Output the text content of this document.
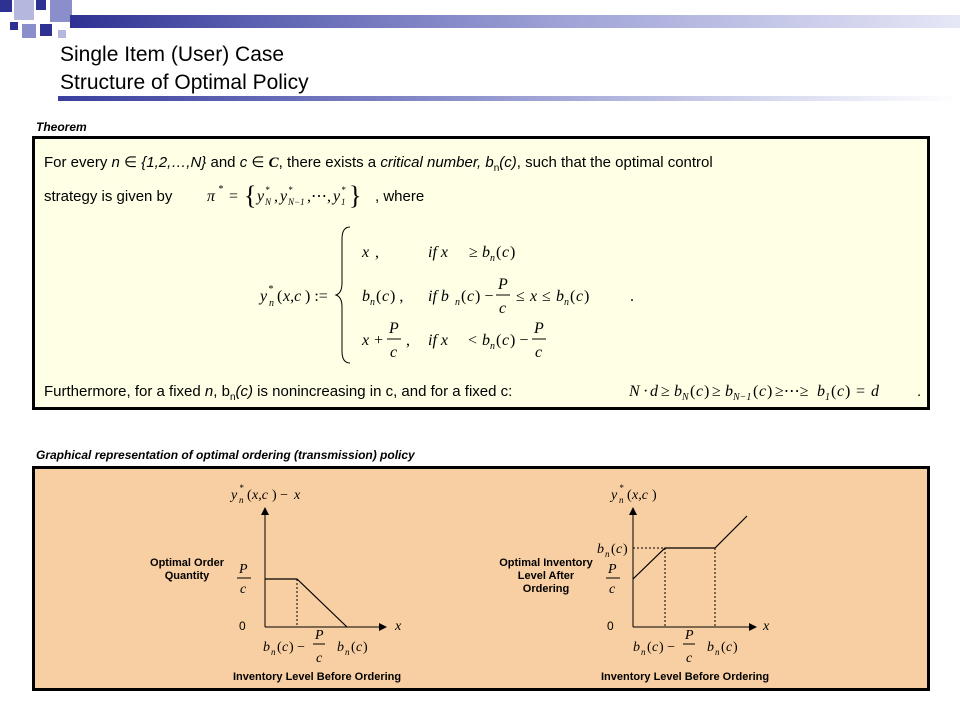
Single Item (User) Case
Structure of Optimal Policy
Theorem
For every n ∈ {1,2,…,N} and c ∈ C, there exists a critical number, $b_n(c)$, such that the optimal control
strategy is given by π * = { y *
N , y *
N−1 ,⋯, y *
1 } , where
y *
n ( x,c ) :=
x ,	if x ≥ b n ( c )
b n ( c ) , if b n ( c ) −
P
c
≤ x ≤ b n ( c )	.
x +
P
c
, if x < b n ( c ) −
P
c
Furthermore, for a fixed n, $b_n(c)$ is nonincreasing in c, and for a fixed c:	N · d ≥ b N ( c ) ≥ b N−1 ( c ) ≥⋯≥ b 1 ( c ) = d	.
Graphical representation of optimal ordering (transmission) policy
y *
n ( x,c ) − x
P
c
b n ( c ) −
P
c
b n ( c )
Optimal Order Quantity
0	x
Inventory Level Before Ordering
y *
n ( x,c )
b n ( c )
P
c
b n ( c ) −
P
c
b n ( c )
Optimal Inventory Level After Ordering
0	x
Inventory Level Before Ordering
